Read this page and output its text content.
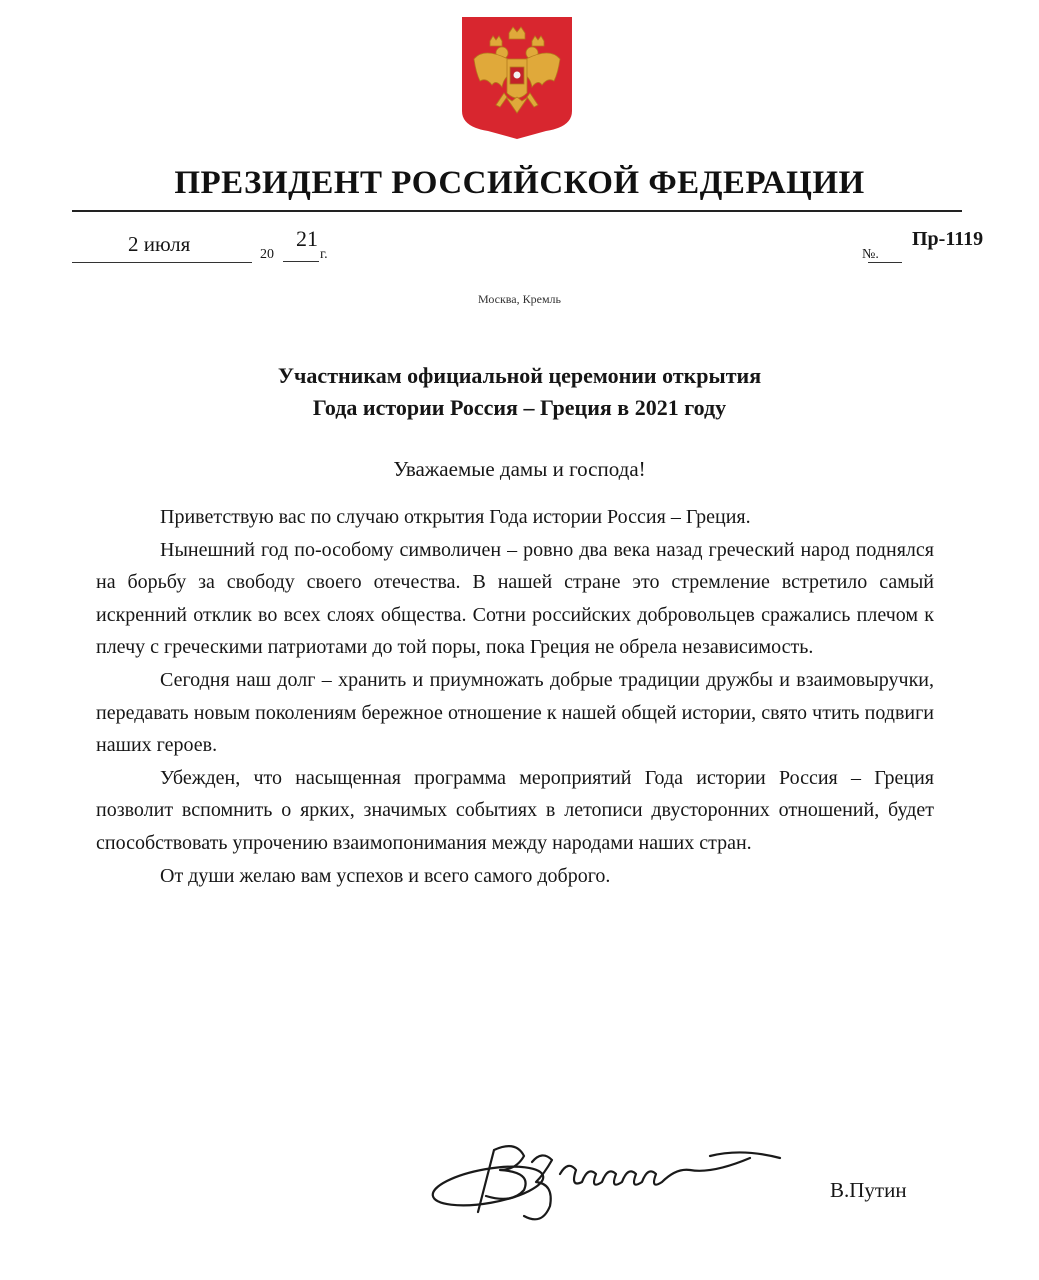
ПРЕЗИДЕНТ РОССИЙСКОЙ ФЕДЕРАЦИИ
2 июля	20
21
г.	№.
Пр-1119
Москва, Кремль
Участникам официальной церемонии открытия
Года истории Россия – Греция в 2021 году
Уважаемые дамы и господа!

Приветствую вас по случаю открытия Года истории Россия – Греция.

Нынешний год по-особому символичен – ровно два века назад греческий народ поднялся на борьбу за свободу своего отечества. В нашей стране это стремление встретило самый искренний отклик во всех слоях общества. Сотни российских добровольцев сражались плечом к плечу с греческими патриотами до той поры, пока Греция не обрела независимость.

Сегодня наш долг – хранить и приумножать добрые традиции дружбы и взаимовыручки, передавать новым поколениям бережное отношение к нашей общей истории, свято чтить подвиги наших героев.

Убежден, что насыщенная программа мероприятий Года истории Россия – Греция позволит вспомнить о ярких, значимых событиях в летописи двусторонних отношений, будет способствовать упрочению взаимопонимания между народами наших стран.

От души желаю вам успехов и всего самого доброго.

В.Путин
